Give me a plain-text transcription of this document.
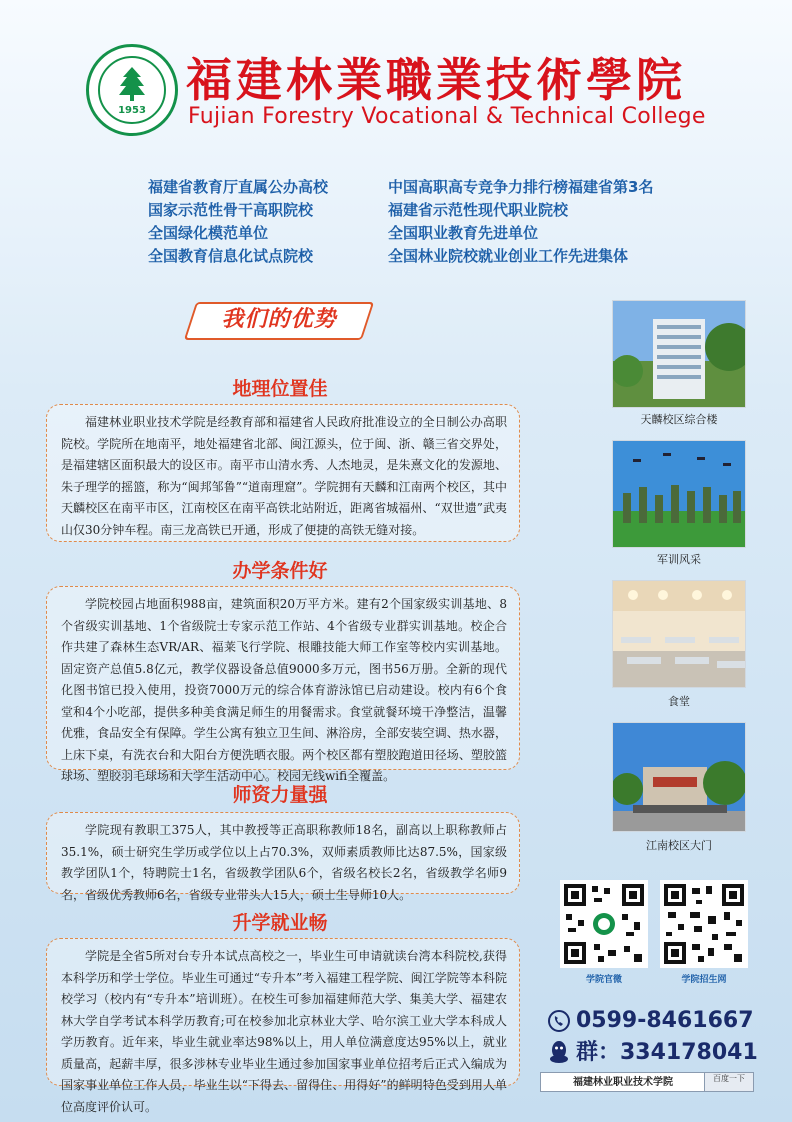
1953
福建林業職業技術學院
Fujian Forestry Vocational & Technical College
福建省教育厅直属公办高校
国家示范性骨干高职院校
全国绿化模范单位
全国教育信息化试点院校
中国高职高专竞争力排行榜福建省第3名
福建省示范性现代职业院校
全国职业教育先进单位
全国林业院校就业创业工作先进集体
我们的优势
地理位置佳
福建林业职业技术学院是经教育部和福建省人民政府批准设立的全日制公办高职院校。学院所在地南平，地处福建省北部、闽江源头，位于闽、浙、赣三省交界处，是福建辖区面积最大的设区市。南平市山清水秀、人杰地灵，是朱熹文化的发源地、朱子理学的摇篮，称为“闽邦邹鲁”“道南理窟”。学院拥有天麟和江南两个校区，其中天麟校区在南平市区，江南校区在南平高铁北站附近，距离省城福州、“双世遗”武夷山仅30分钟车程。南三龙高铁已开通，形成了便捷的高铁无缝对接。
办学条件好
学院校园占地面积988亩，建筑面积20万平方米。建有2个国家级实训基地、8个省级实训基地、1个省级院士专家示范工作站、4个省级专业群实训基地。校企合作共建了森林生态VR/AR、福莱飞行学院、根雕技能大师工作室等校内实训基地。固定资产总值5.8亿元，教学仪器设备总值9000多万元，图书56万册。全新的现代化图书馆已投入使用，投资7000万元的综合体育游泳馆已启动建设。校内有6个食堂和4个小吃部，提供多种美食满足师生的用餐需求。食堂就餐环境干净整洁，温馨优雅，食品安全有保障。学生公寓有独立卫生间、淋浴房，全部安装空调、热水器，上床下桌，有洗衣台和大阳台方便洗晒衣服。两个校区都有塑胶跑道田径场、塑胶篮球场、塑胶羽毛球场和大学生活动中心。校园无线wifi全覆盖。
师资力量强
学院现有教职工375人，其中教授等正高职称教师18名，副高以上职称教师占35.1%，硕士研究生学历或学位以上占70.3%，双师素质教师比达87.5%，国家级教学团队1个，特聘院士1名，省级教学团队6个，省级名校长2名，省级教学名师9名，省级优秀教师6名，省级专业带头人15人，硕士生导师10人。
升学就业畅
学院是全省5所对台专升本试点高校之一，毕业生可申请就读台湾本科院校,获得本科学历和学士学位。毕业生可通过“专升本”考入福建工程学院、闽江学院等本科院校学习（校内有“专升本”培训班）。在校生可参加福建师范大学、集美大学、福建农林大学自学考试本科学历教育;可在校参加北京林业大学、哈尔滨工业大学本科成人学历教育。近年来，毕业生就业率达98%以上，用人单位满意度达95%以上，就业质量高，起薪丰厚，很多涉林专业毕业生通过参加国家事业单位招考后正式入编成为国家事业单位工作人员，毕业生以“下得去、留得住、用得好”的鲜明特色受到用人单位高度评价认可。
天麟校区综合楼
军训风采
食堂
江南校区大门
学院官微	学院招生网
0599-8461667
群：334178041
福建林业职业技术学院	百度一下
